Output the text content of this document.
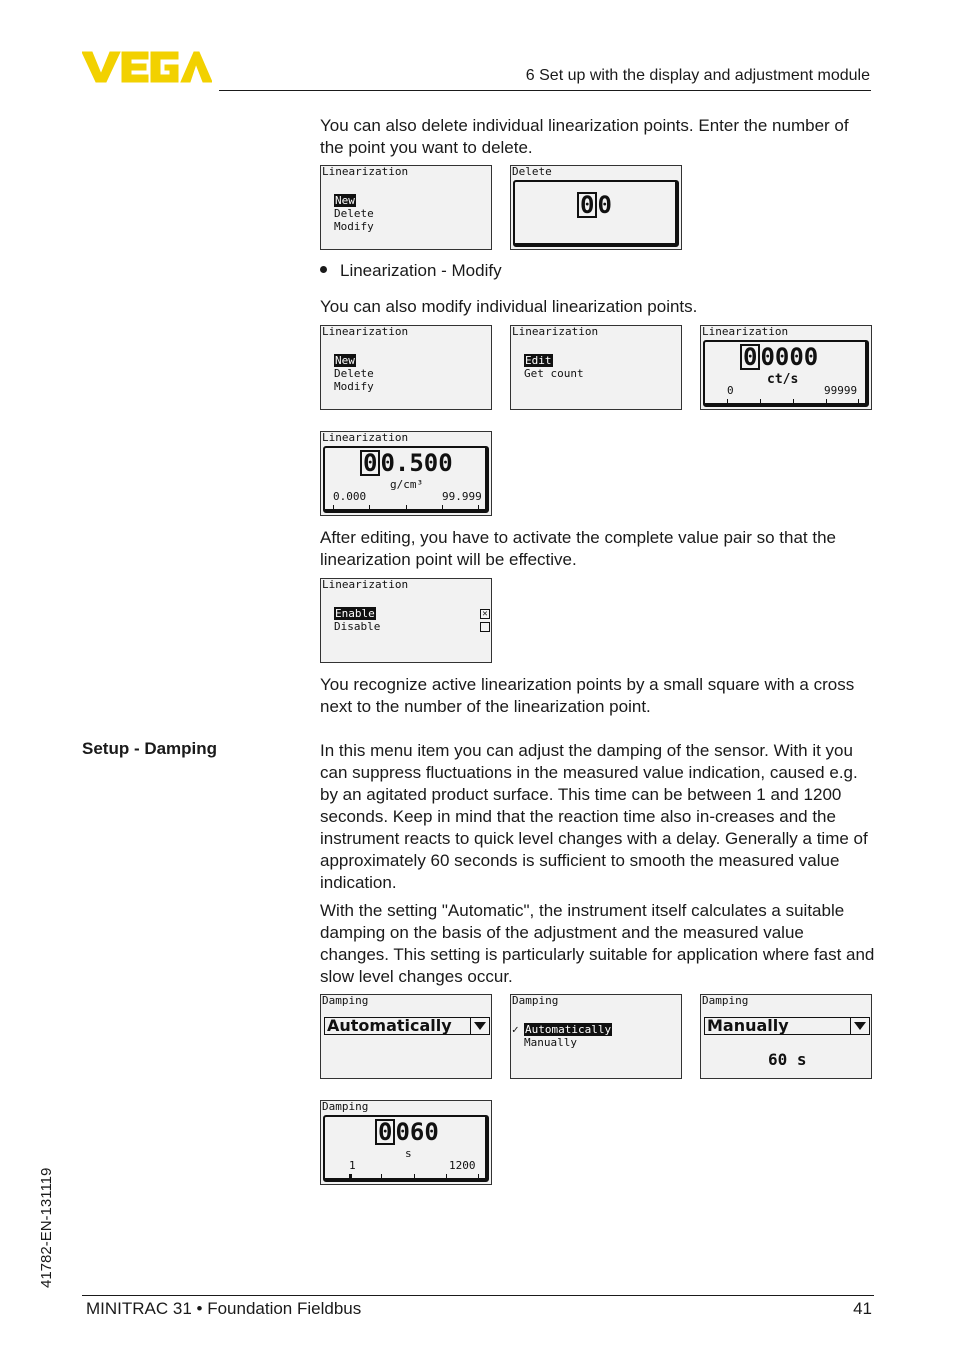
6 Set up with the display and adjustment module

You can also delete individual linearization points. Enter the number of the point you want to delete.

Linearization
New
Delete
Modify
Delete
0 0
Linearization - Modify

You can also modify individual linearization points.

Linearization
New
Delete
Modify
Linearization
Edit
Get count
Linearization
0 0000
ct/s
0	99999
Linearization
0 0.500
g/cm³
0.000	99.999

After editing, you have to activate the complete value pair so that the linearization point will be effective.

Linearization
Enable
Disable
✕

You recognize active linearization points by a small square with a cross next to the number of the linearization point.

Setup - Damping	In this menu item you can adjust the damping of the sensor. With it you can suppress fluctuations in the measured value indication, caused e.g. by an agitated product surface. This time can be between 1 and 1200 seconds. Keep in mind that the reaction time also in-creases and the instrument reacts to quick level changes with a delay. Generally a time of approximately 60 seconds is sufficient to smooth the measured value indication.

With the setting "Automatic", the instrument itself calculates a suitable damping on the basis of the adjustment and the measured value changes. This setting is particularly suitable for application where fast and slow level changes occur.

Damping
Automatically
Damping
✓ Automatically
Manually
Damping
Manually
60 s
Damping
0 060
s
1	1200
41782-EN-131119
MINITRAC 31 • Foundation Fieldbus	41
